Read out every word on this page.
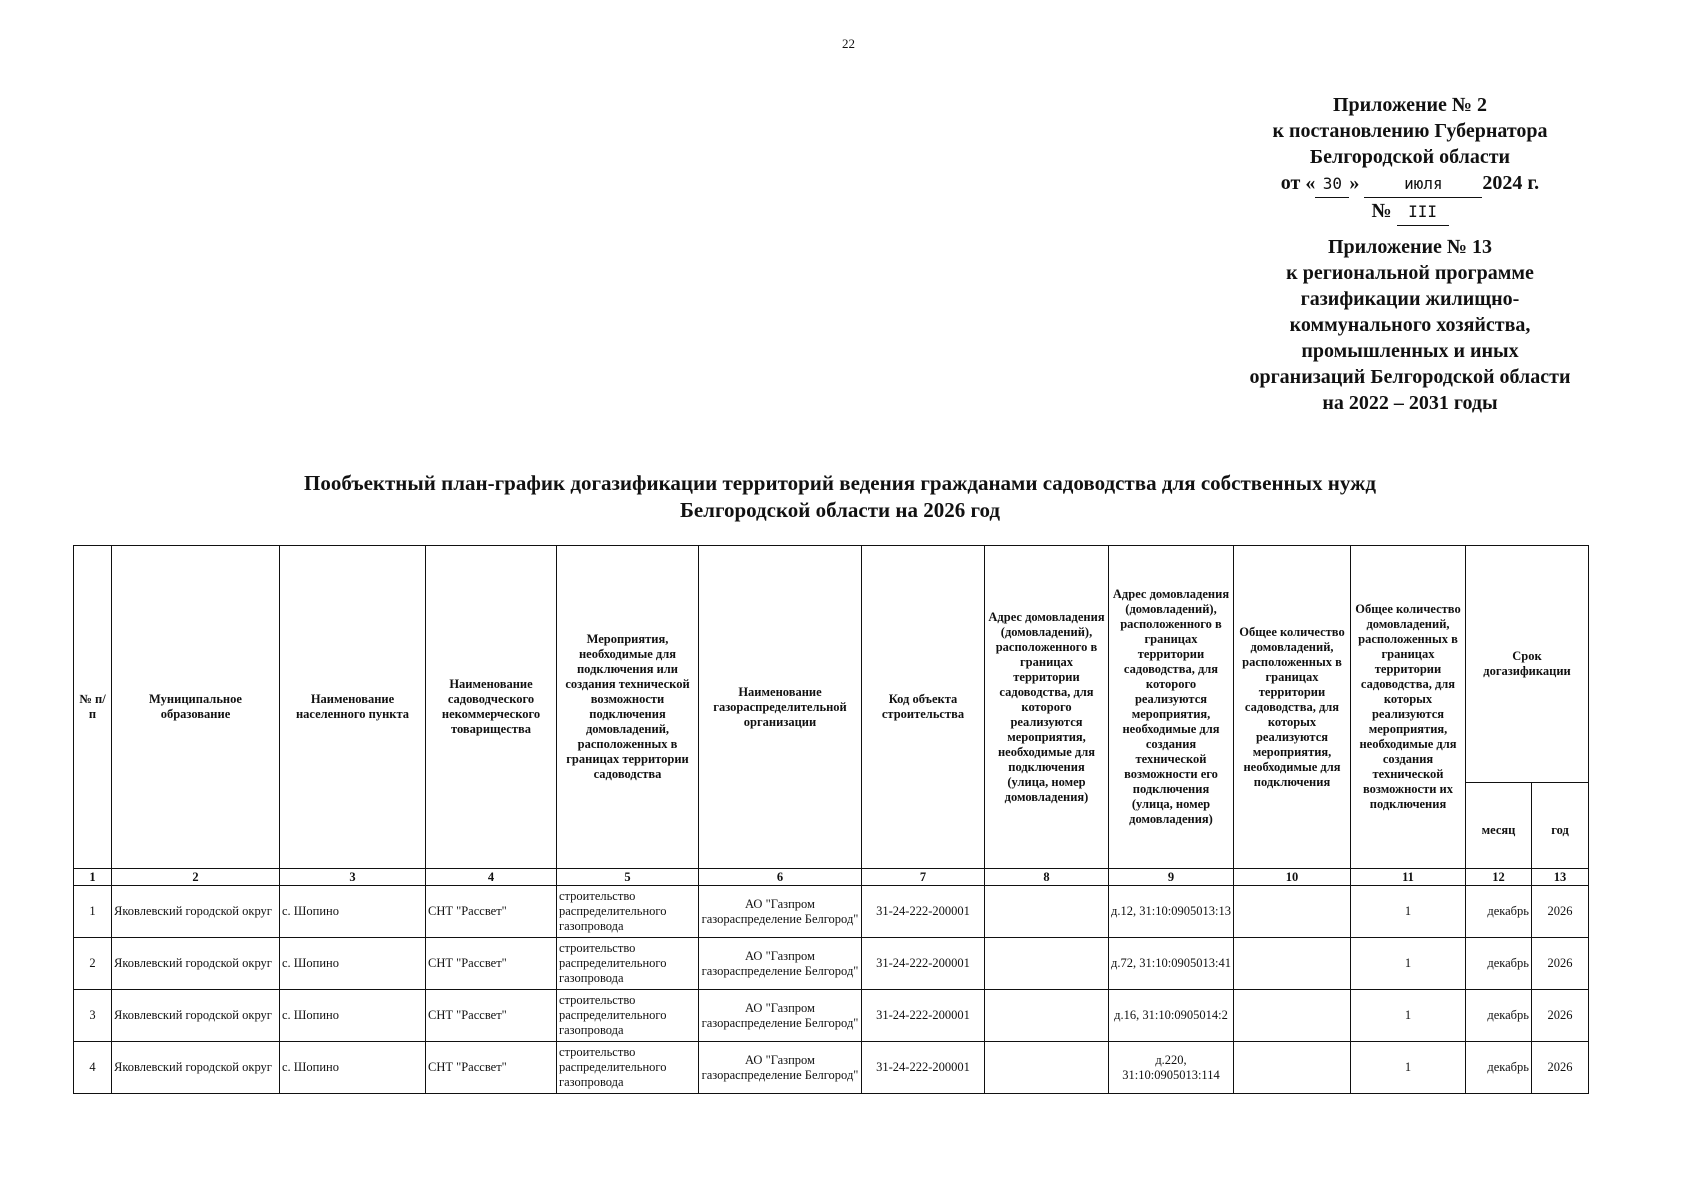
22
Приложение № 2
к постановлению Губернатора
Белгородской области
от « 30 »	июля 2024 г.
№ III
Приложение № 13
к региональной программе
газификации жилищно-
коммунального хозяйства,
промышленных и иных
организаций Белгородской области
на 2022 – 2031 годы
Пообъектный план-график догазификации территорий ведения гражданами садоводства для собственных нужд
Белгородской области на 2026 год
№ п/п	Муниципальное образование	Наименование населенного пункта	Наименование садоводческого некоммерческого товарищества	Мероприятия, необходимые для подключения или создания технической возможности подключения домовладений, расположенных в границах территории садоводства	Наименование газораспределительной организации	Код объекта строительства	Адрес домовладения (домовладений), расположенного в границах территории садоводства, для которого реализуются мероприятия, необходимые для подключения (улица, номер домовладения)	Адрес домовладения (домовладений), расположенного в границах территории садоводства, для которого реализуются мероприятия, необходимые для создания технической возможности его подключения (улица, номер домовладения)	Общее количество домовладений, расположенных в границах территории садоводства, для которых реализуются мероприятия, необходимые для подключения	Общее количество домовладений, расположенных в границах территории садоводства, для которых реализуются мероприятия, необходимые для создания технической возможности их подключения	Срок догазификации	
											месяц	год
1	2	3	4	5	6	7	8	9	10	11	12	13
1	Яковлевский городской округ	с. Шопино	СНТ "Рассвет"	строительство распределительного газопровода	АО "Газпром газораспределение Белгород"	31-24-222-200001		д.12, 31:10:0905013:13		1	декабрь	2026
2	Яковлевский городской округ	с. Шопино	СНТ "Рассвет"	строительство распределительного газопровода	АО "Газпром газораспределение Белгород"	31-24-222-200001		д.72, 31:10:0905013:41		1	декабрь	2026
3	Яковлевский городской округ	с. Шопино	СНТ "Рассвет"	строительство распределительного газопровода	АО "Газпром газораспределение Белгород"	31-24-222-200001		д.16, 31:10:0905014:2		1	декабрь	2026
4	Яковлевский городской округ	с. Шопино	СНТ "Рассвет"	строительство распределительного газопровода	АО "Газпром газораспределение Белгород"	31-24-222-200001		д.220, 31:10:0905013:114		1	декабрь	2026
